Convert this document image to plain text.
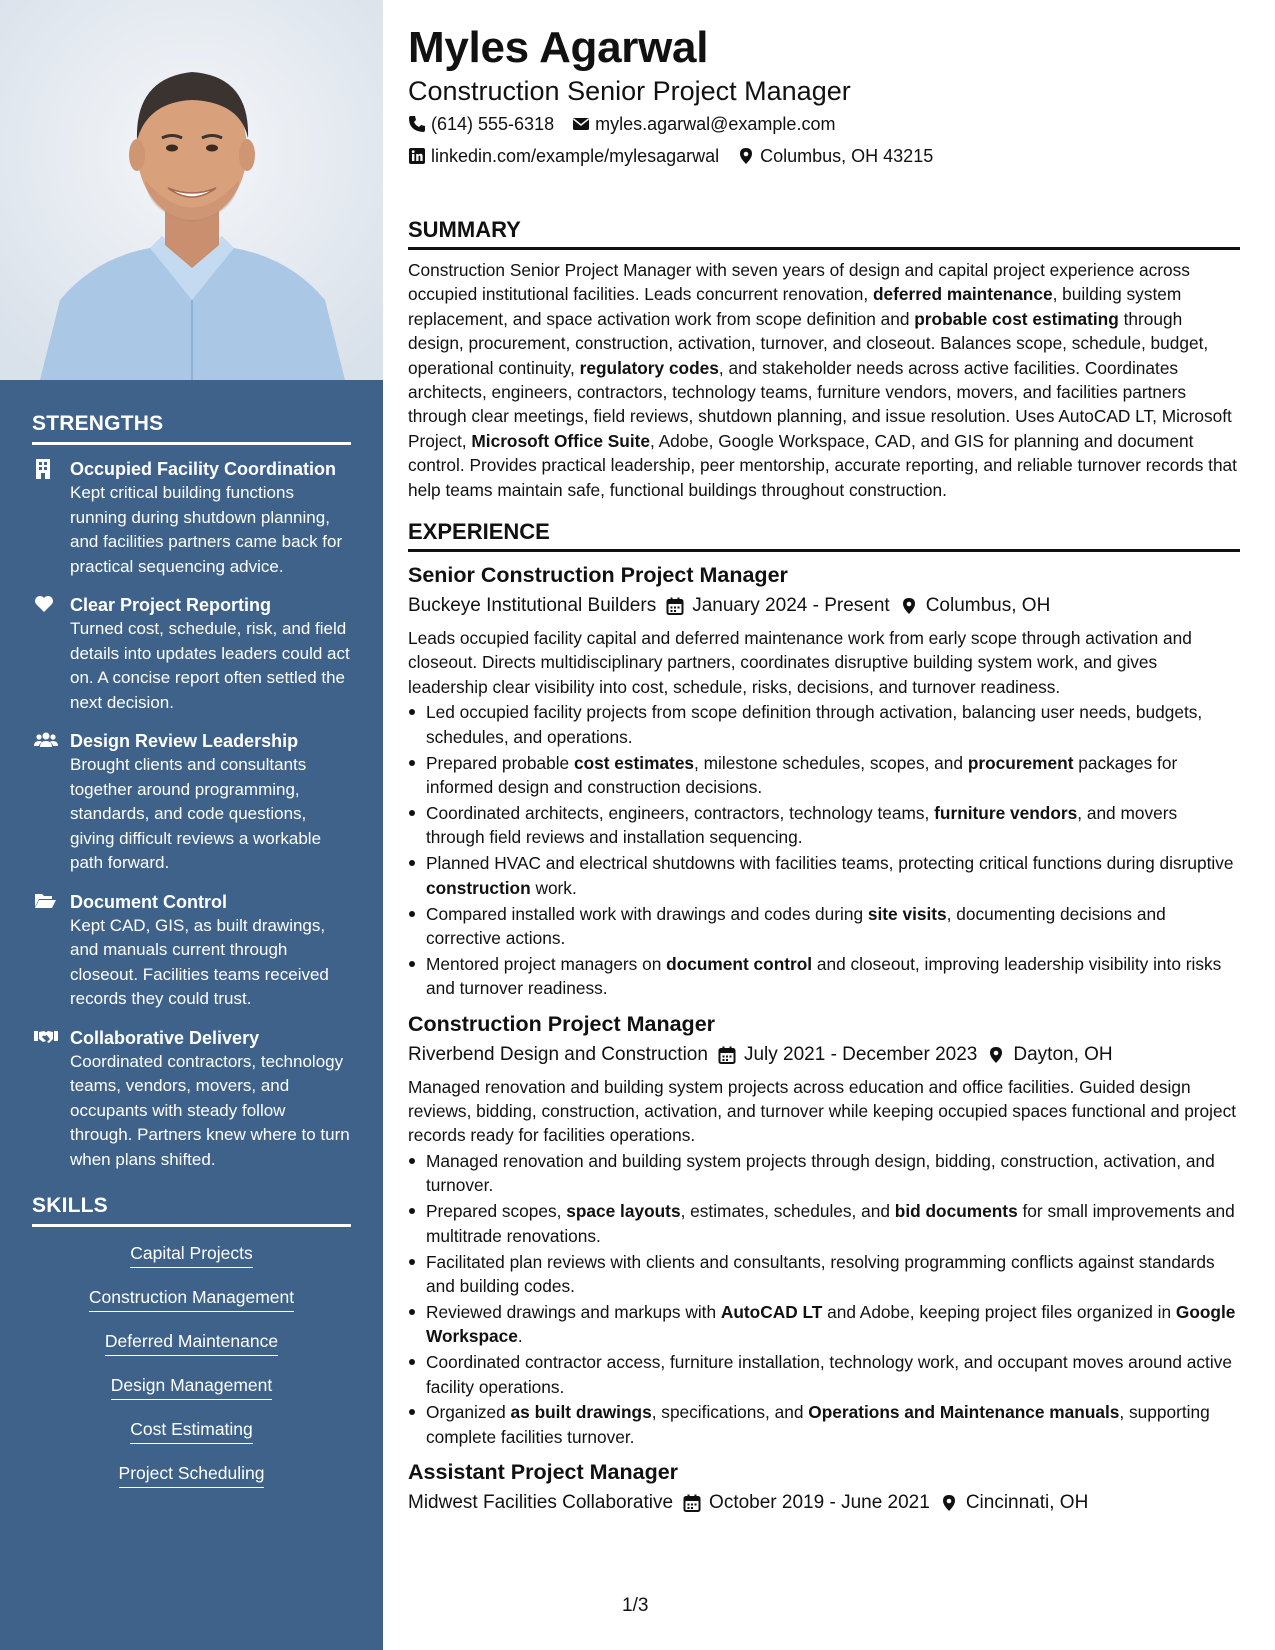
STRENGTHS
Occupied Facility Coordination
Kept critical building functions running during shutdown planning, and facilities partners came back for practical sequencing advice.
Clear Project Reporting
Turned cost, schedule, risk, and field details into updates leaders could act on. A concise report often settled the next decision.
Design Review Leadership
Brought clients and consultants together around programming, standards, and code questions, giving difficult reviews a workable path forward.
Document Control
Kept CAD, GIS, as built drawings, and manuals current through closeout. Facilities teams received records they could trust.
Collaborative Delivery
Coordinated contractors, technology teams, vendors, movers, and occupants with steady follow through. Partners knew where to turn when plans shifted.
SKILLS
Capital Projects
Construction Management
Deferred Maintenance
Design Management
Cost Estimating
Project Scheduling
Myles Agarwal
Construction Senior Project Manager
(614) 555-6318 myles.agarwal@example.com
linkedin.com/example/mylesagarwal Columbus, OH 43215
SUMMARY

Construction Senior Project Manager with seven years of design and capital project experience across occupied institutional facilities. Leads concurrent renovation, deferred maintenance, building system replacement, and space activation work from scope definition and probable cost estimating through design, procurement, construction, activation, turnover, and closeout. Balances scope, schedule, budget, operational continuity, regulatory codes, and stakeholder needs across active facilities. Coordinates architects, engineers, contractors, technology teams, furniture vendors, movers, and facilities partners through clear meetings, field reviews, shutdown planning, and issue resolution. Uses AutoCAD LT, Microsoft Project, Microsoft Office Suite, Adobe, Google Workspace, CAD, and GIS for planning and document control. Provides practical leadership, peer mentorship, accurate reporting, and reliable turnover records that help teams maintain safe, functional buildings throughout construction.

EXPERIENCE
Senior Construction Project Manager
Buckeye Institutional Builders January 2024 - Present Columbus, OH

Leads occupied facility capital and deferred maintenance work from early scope through activation and closeout. Directs multidisciplinary partners, coordinates disruptive building system work, and gives leadership clear visibility into cost, schedule, risks, decisions, and turnover readiness.

Led occupied facility projects from scope definition through activation, balancing user needs, budgets, schedules, and operations.
Prepared probable cost estimates, milestone schedules, scopes, and procurement packages for informed design and construction decisions.
Coordinated architects, engineers, contractors, technology teams, furniture vendors, and movers through field reviews and installation sequencing.
Planned HVAC and electrical shutdowns with facilities teams, protecting critical functions during disruptive construction work.
Compared installed work with drawings and codes during site visits, documenting decisions and corrective actions.
Mentored project managers on document control and closeout, improving leadership visibility into risks and turnover readiness.
Construction Project Manager
Riverbend Design and Construction July 2021 - December 2023 Dayton, OH

Managed renovation and building system projects across education and office facilities. Guided design reviews, bidding, construction, activation, and turnover while keeping occupied spaces functional and project records ready for facilities operations.

Managed renovation and building system projects through design, bidding, construction, activation, and turnover.
Prepared scopes, space layouts, estimates, schedules, and bid documents for small improvements and multitrade renovations.
Facilitated plan reviews with clients and consultants, resolving programming conflicts against standards and building codes.
Reviewed drawings and markups with AutoCAD LT and Adobe, keeping project files organized in Google Workspace.
Coordinated contractor access, furniture installation, technology work, and occupant moves around active facility operations.
Organized as built drawings, specifications, and Operations and Maintenance manuals, supporting complete facilities turnover.
Assistant Project Manager
Midwest Facilities Collaborative October 2019 - June 2021 Cincinnati, OH
1/3
